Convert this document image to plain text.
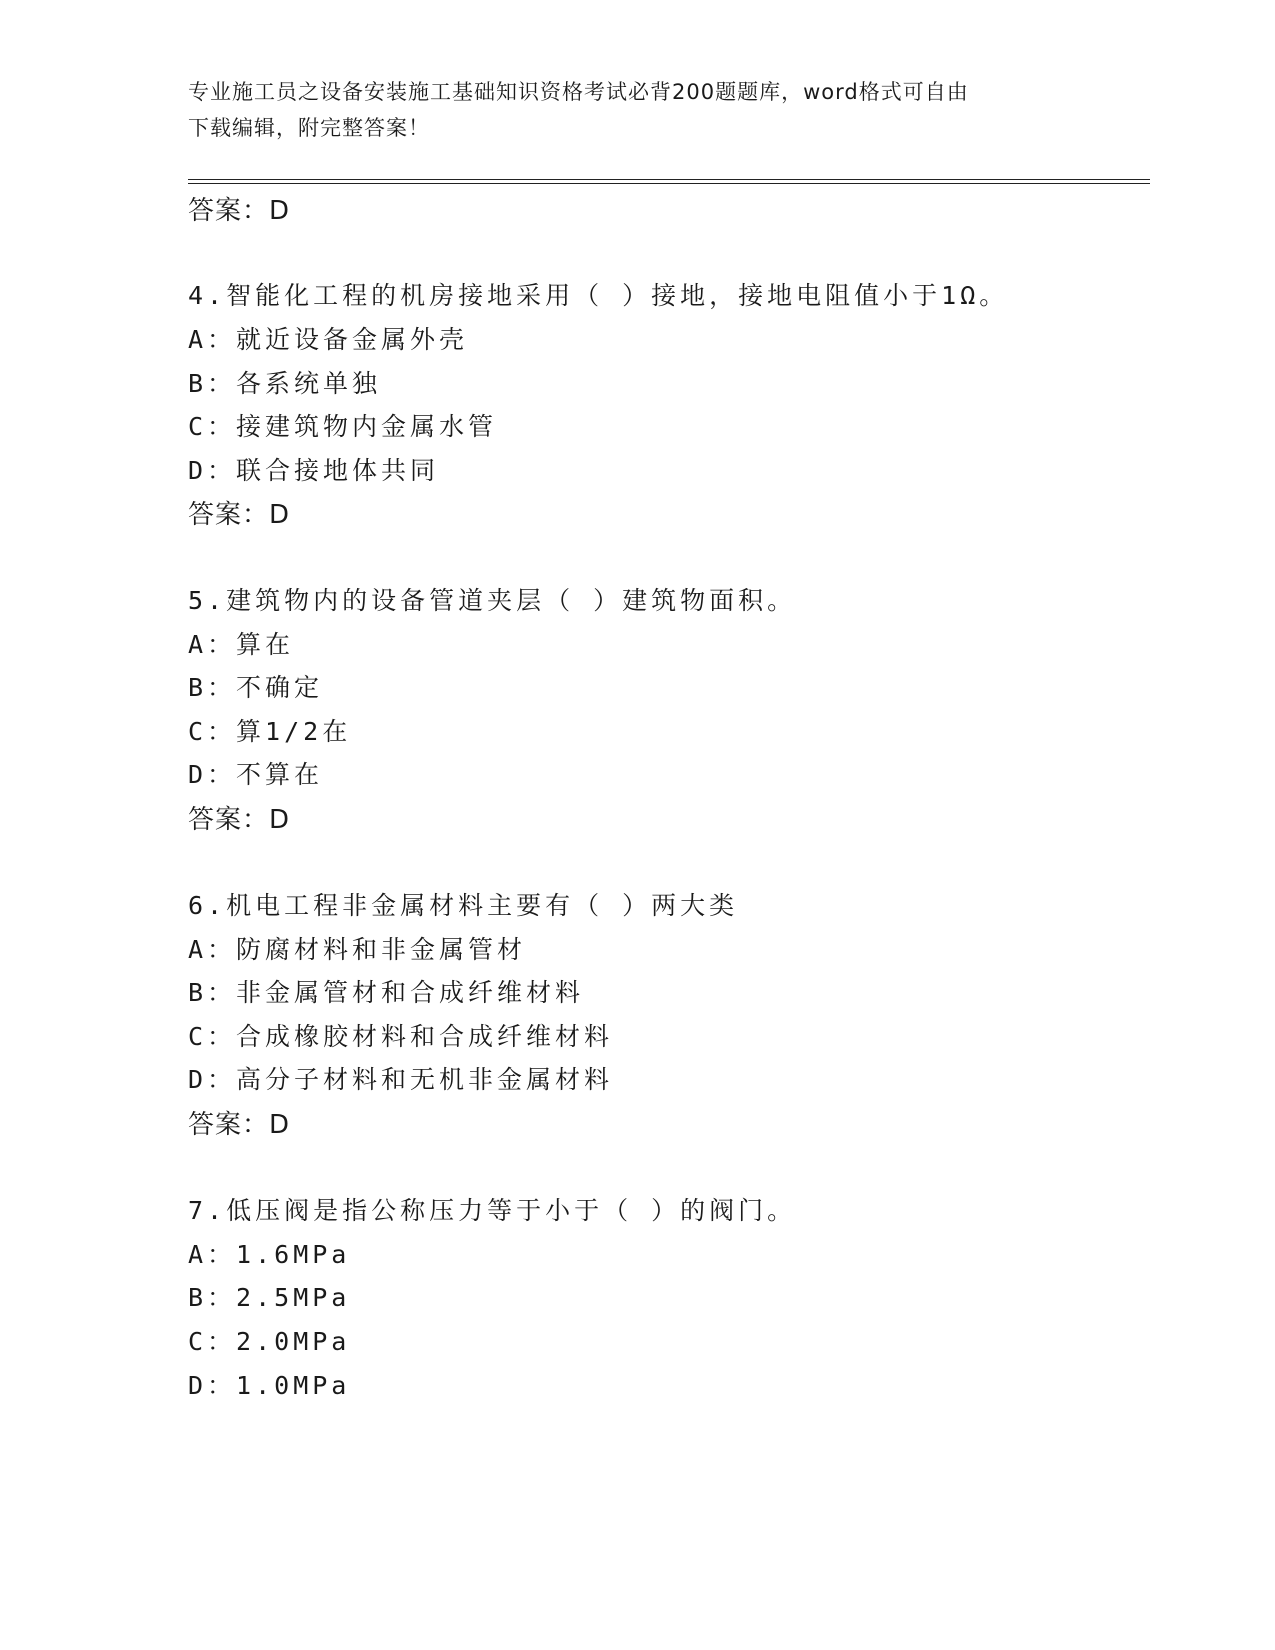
专业施工员之设备安装施工基础知识资格考试必背200题题库，word格式可自由
下载编辑，附完整答案！
答案：D
4.智能化工程的机房接地采用（ ）接地，接地电阻值小于1Ω。
A：就近设备金属外壳
B：各系统单独
C：接建筑物内金属水管
D：联合接地体共同
答案：D
5.建筑物内的设备管道夹层（ ）建筑物面积。
A：算在
B：不确定
C：算1/2在
D：不算在
答案：D
6.机电工程非金属材料主要有（ ）两大类
A：防腐材料和非金属管材
B：非金属管材和合成纤维材料
C：合成橡胶材料和合成纤维材料
D：高分子材料和无机非金属材料
答案：D
7.低压阀是指公称压力等于小于（ ）的阀门。
A：1.6MPa
B：2.5MPa
C：2.0MPa
D：1.0MPa
